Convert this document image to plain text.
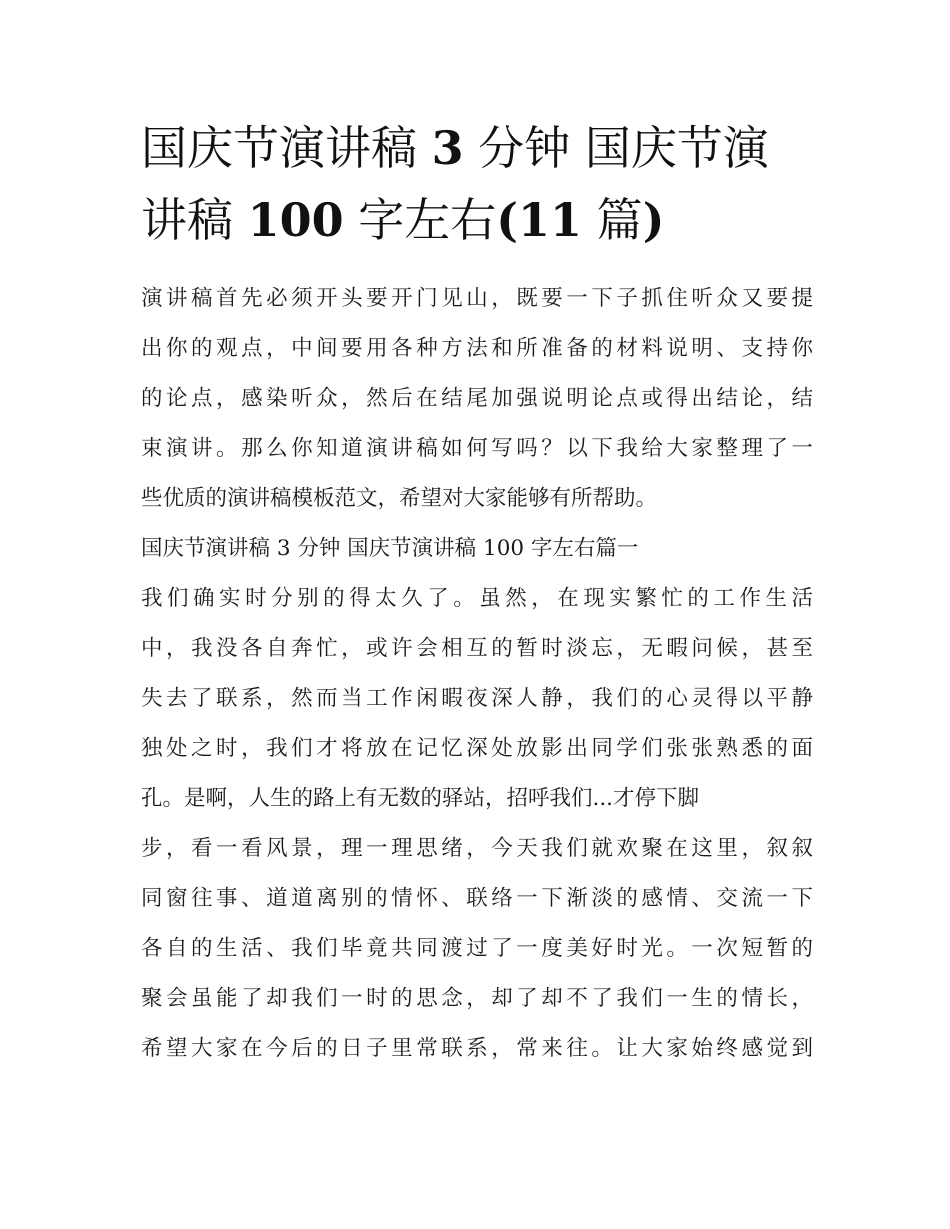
国庆节演讲稿 3 分钟 国庆节演
讲稿 100 字左右(11 篇)
演讲稿首先必须开头要开门见山，既要一下子抓住听众又要提
出你的观点，中间要用各种方法和所准备的材料说明、支持你
的论点，感染听众，然后在结尾加强说明论点或得出结论，结
束演讲。那么你知道演讲稿如何写吗？以下我给大家整理了一
些优质的演讲稿模板范文，希望对大家能够有所帮助。
国庆节演讲稿 3 分钟 国庆节演讲稿 100 字左右篇一
我们确实时分别的得太久了。虽然，在现实繁忙的工作生活
中，我没各自奔忙，或许会相互的暂时淡忘，无暇问候，甚至
失去了联系，然而当工作闲暇夜深人静，我们的心灵得以平静
独处之时，我们才将放在记忆深处放影出同学们张张熟悉的面
孔。是啊，人生的路上有无数的驿站，招呼我们...才停下脚
步，看一看风景，理一理思绪，今天我们就欢聚在这里，叙叙
同窗往事、道道离别的情怀、联络一下渐淡的感情、交流一下
各自的生活、我们毕竟共同渡过了一度美好时光。一次短暂的
聚会虽能了却我们一时的思念，却了却不了我们一生的情长，
希望大家在今后的日子里常联系，常来往。让大家始终感觉到
